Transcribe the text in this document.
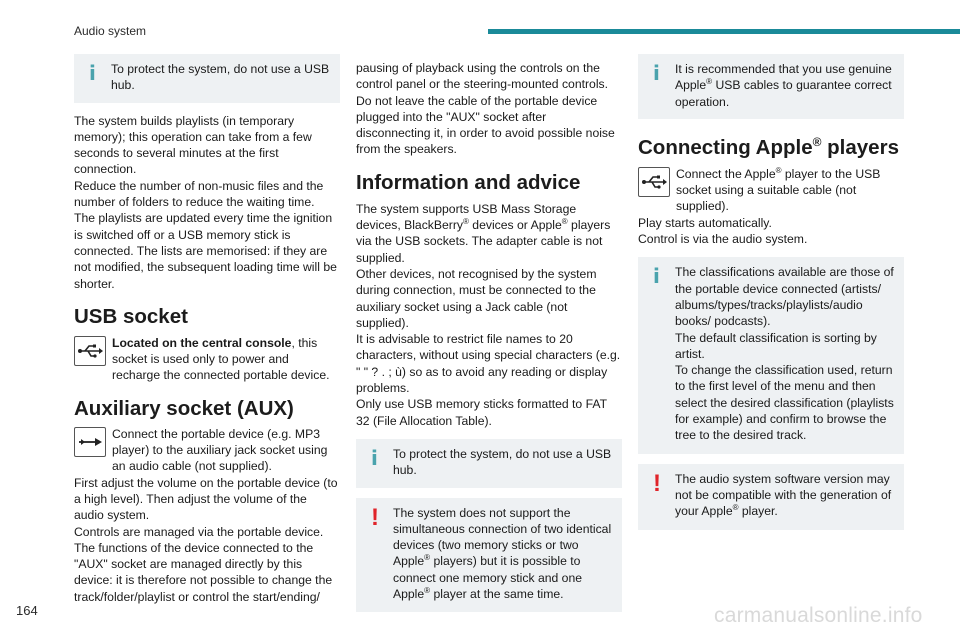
Audio system
i	To protect the system, do not use a USB hub.

The system builds playlists (in temporary memory); this operation can take from a few seconds to several minutes at the first connection.

Reduce the number of non-music files and the number of folders to reduce the waiting time.

The playlists are updated every time the ignition is switched off or a USB memory stick is connected. The lists are memorised: if they are not modified, the subsequent loading time will be shorter.

USB socket

Located on the central console, this socket is used only to power and recharge the connected portable device.

Auxiliary socket (AUX)

Connect the portable device (e.g. MP3 player) to the auxiliary jack socket using an audio cable (not supplied).

First adjust the volume on the portable device (to a high level). Then adjust the volume of the audio system.

Controls are managed via the portable device.

The functions of the device connected to the "AUX" socket are managed directly by this device: it is therefore not possible to change the track/folder/playlist or control the start/ending/

pausing of playback using the controls on the control panel or the steering-mounted controls.

Do not leave the cable of the portable device plugged into the "AUX" socket after disconnecting it, in order to avoid possible noise from the speakers.

Information and advice

The system supports USB Mass Storage devices, BlackBerry® devices or Apple® players via the USB sockets. The adapter cable is not supplied.

Other devices, not recognised by the system during connection, must be connected to the auxiliary socket using a Jack cable (not supplied).

It is advisable to restrict file names to 20 characters, without using special characters (e.g. " " ? . ; ù) so as to avoid any reading or display problems.

Only use USB memory sticks formatted to FAT 32 (File Allocation Table).

i	To protect the system, do not use a USB hub.
!	The system does not support the simultaneous connection of two identical devices (two memory sticks or two Apple® players) but it is possible to connect one memory stick and one Apple® player at the same time.
i	It is recommended that you use genuine Apple® USB cables to guarantee correct operation.
Connecting Apple® players

Connect the Apple® player to the USB socket using a suitable cable (not supplied).

Play starts automatically.

Control is via the audio system.

i	The classifications available are those of the portable device connected (artists/ albums/types/tracks/playlists/audio books/ podcasts).
The default classification is sorting by artist.
To change the classification used, return to the first level of the menu and then select the desired classification (playlists for example) and confirm to browse the tree to the desired track.
!	The audio system software version may not be compatible with the generation of your Apple® player.
164	carmanualsonline.info
